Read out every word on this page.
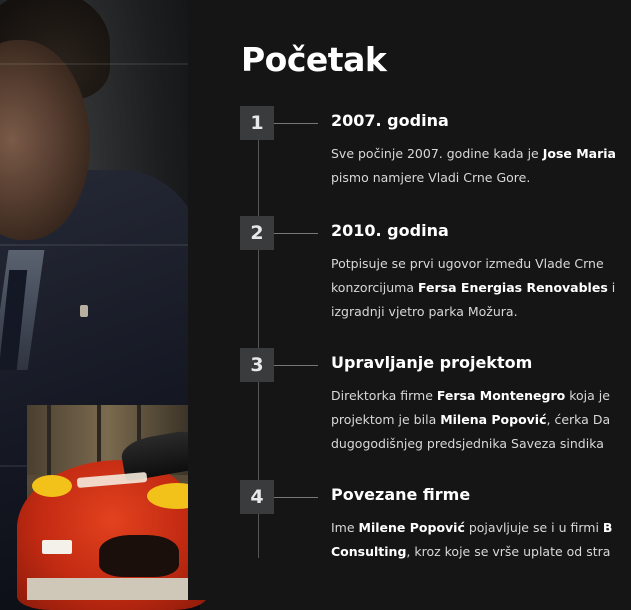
Početak
1	2007. godina
Sve počinje 2007. godine kada je Jose Maria
pismo namjere Vladi Crne Gore.
2	2010. godina
Potpisuje se prvi ugovor između Vlade Crne
konzorcijuma Fersa Energias Renovables i
izgradnji vjetro parka Možura.
3	Upravljanje projektom
Direktorka firme Fersa Montenegro koja je
projektom je bila Milena Popović, ćerka Da
dugogodišnjeg predsjednika Saveza sindika
4	Povezane firme
Ime Milene Popović pojavljuje se i u firmi B
Consulting, kroz koje se vrše uplate od stra
